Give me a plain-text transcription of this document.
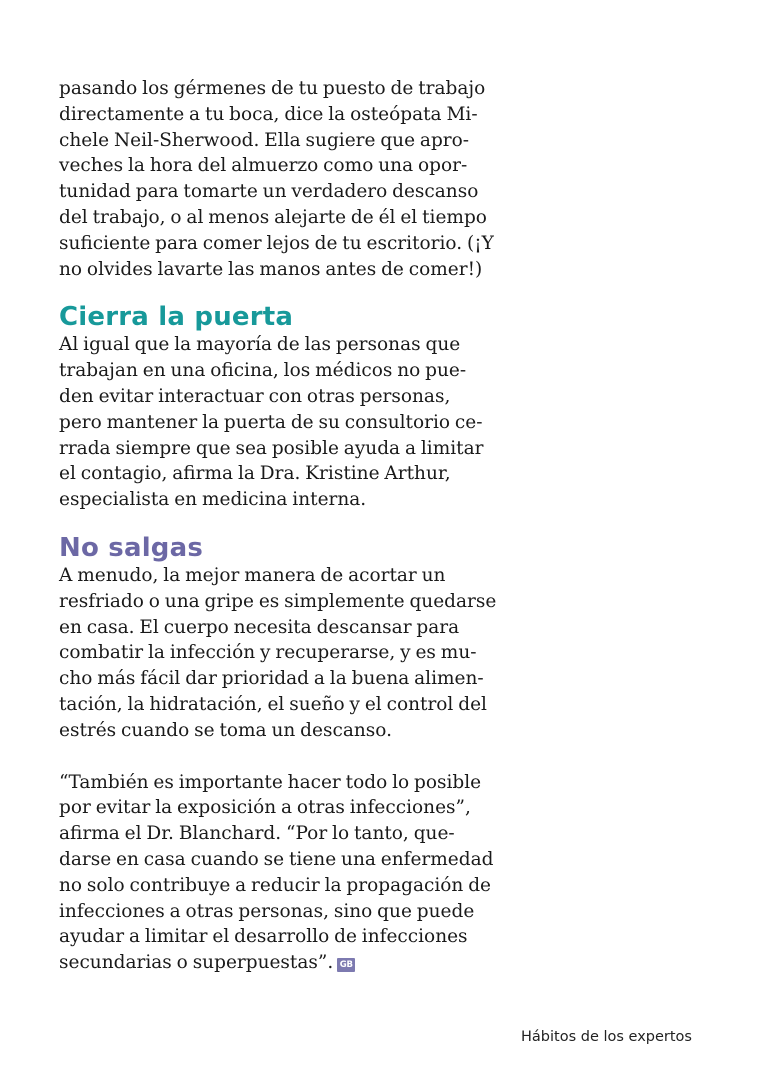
pasando los gérmenes de tu puesto de trabajo
directamente a tu boca, dice la osteópata Mi-
chele Neil-Sherwood. Ella sugiere que apro-
veches la hora del almuerzo como una opor-
tunidad para tomarte un verdadero descanso
del trabajo, o al menos alejarte de él el tiempo
suficiente para comer lejos de tu escritorio. (¡Y
no olvides lavarte las manos antes de comer!)

Cierra la puerta

Al igual que la mayoría de las personas que
trabajan en una oficina, los médicos no pue-
den evitar interactuar con otras personas,
pero mantener la puerta de su consultorio ce-
rrada siempre que sea posible ayuda a limitar
el contagio, afirma la Dra. Kristine Arthur,
especialista en medicina interna.

No salgas

A menudo, la mejor manera de acortar un
resfriado o una gripe es simplemente quedarse
en casa. El cuerpo necesita descansar para
combatir la infección y recuperarse, y es mu-
cho más fácil dar prioridad a la buena alimen-
tación, la hidratación, el sueño y el control del
estrés cuando se toma un descanso.

“También es importante hacer todo lo posible
por evitar la exposición a otras infecciones”,
afirma el Dr. Blanchard. “Por lo tanto, que-
darse en casa cuando se tiene una enfermedad
no solo contribuye a reducir la propagación de
infecciones a otras personas, sino que puede
ayudar a limitar el desarrollo de infecciones
secundarias o superpuestas”. GB

Hábitos de los expertos
